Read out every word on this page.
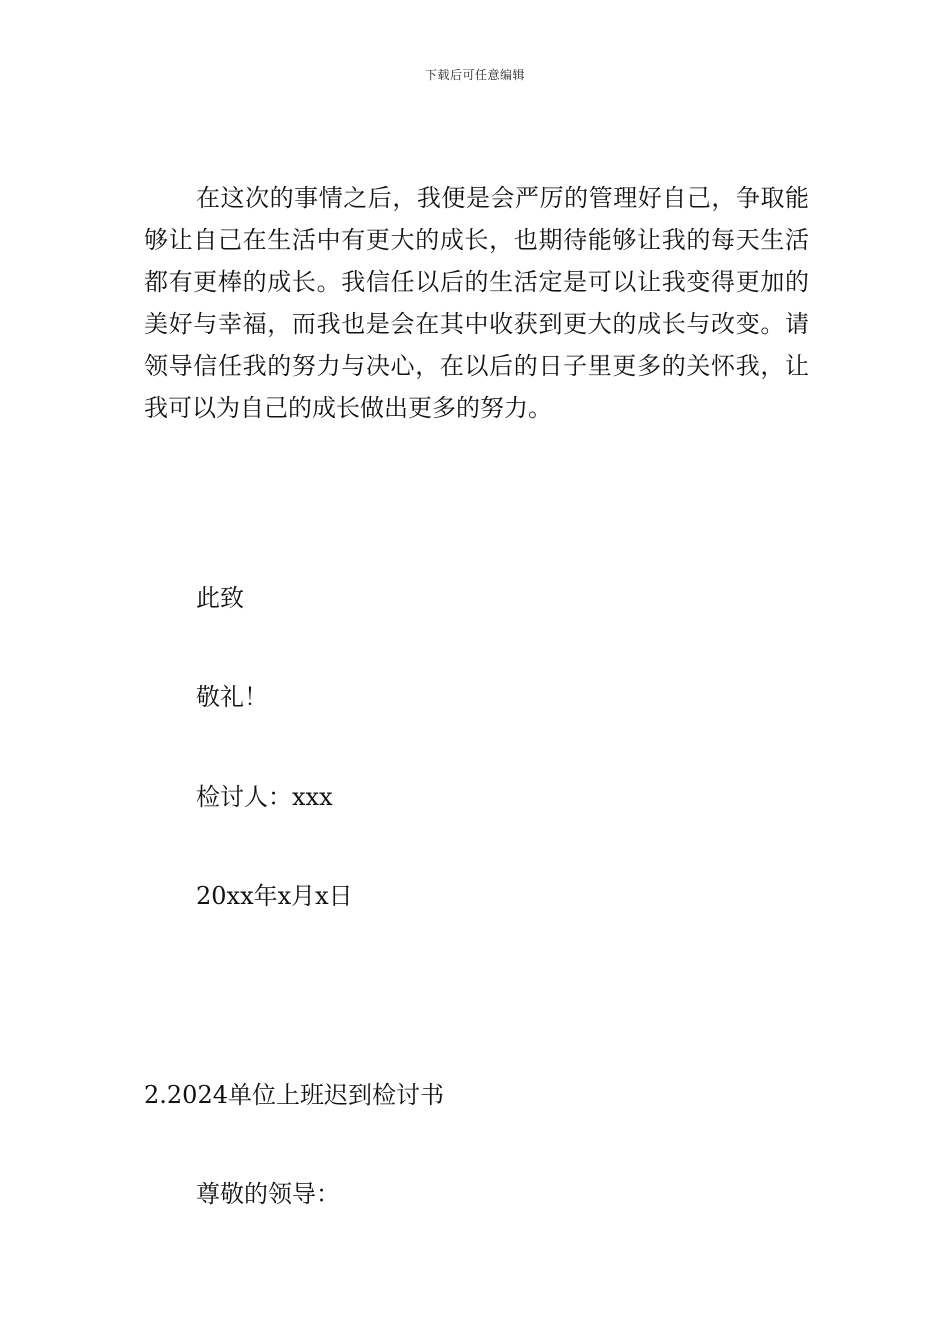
下载后可任意编辑

在这次的事情之后，我便是会严厉的管理好自己，争取能够让自己在生活中有更大的成长，也期待能够让我的每天生活都有更棒的成长。我信任以后的生活定是可以让我变得更加的美好与幸福，而我也是会在其中收获到更大的成长与改变。请领导信任我的努力与决心，在以后的日子里更多的关怀我，让我可以为自己的成长做出更多的努力。

此致

敬礼！

检讨人：xxx

20xx年x月x日

2.2024单位上班迟到检讨书

尊敬的领导：
